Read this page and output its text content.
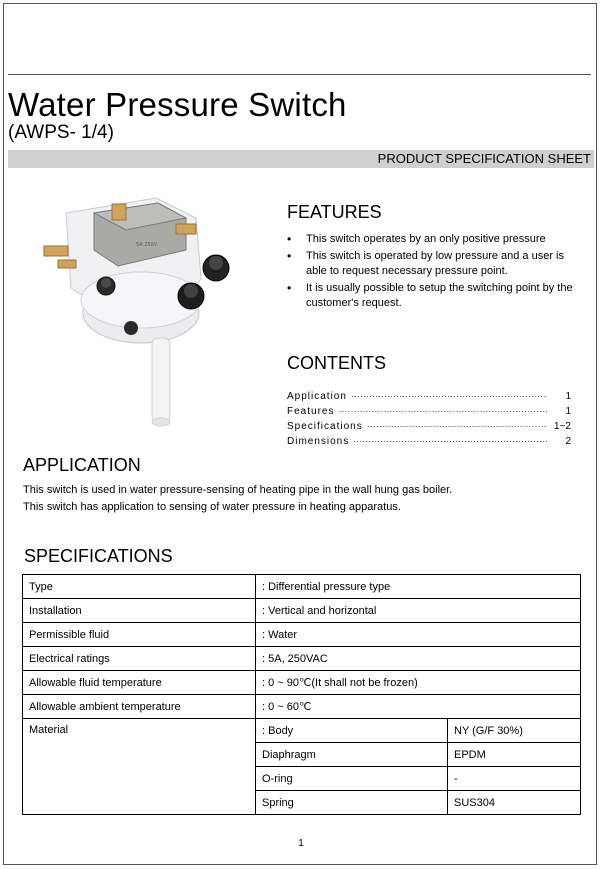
Water Pressure Switch
(AWPS- 1/4)
PRODUCT SPECIFICATION SHEET
5A 250V
FEATURES
• This switch operates by an only positive pressure
• This switch is operated by low pressure and a user is able to request necessary pressure point.
• It is usually possible to setup the switching point by the customer's request.
CONTENTS
Application ·····	1
Features ·····	1
Specifications ·····	1~2
Dimensions ·····	2
APPLICATION
This switch is used in water pressure-sensing of heating pipe in the wall hung gas boiler.
This switch has application to sensing of water pressure in heating apparatus.
SPECIFICATIONS
Type	: Differential pressure type	
Installation	: Vertical and horizontal	
Permissible fluid	: Water	
Electrical ratings	: 5A, 250VAC	
Allowable fluid temperature	: 0 ~ 90℃(It shall not be frozen)	
Allowable ambient temperature	: 0 ~ 60℃	
Material	: Body	NY (G/F 30%)
	Diaphragm	EPDM
	O-ring	-
	Spring	SUS304
1
